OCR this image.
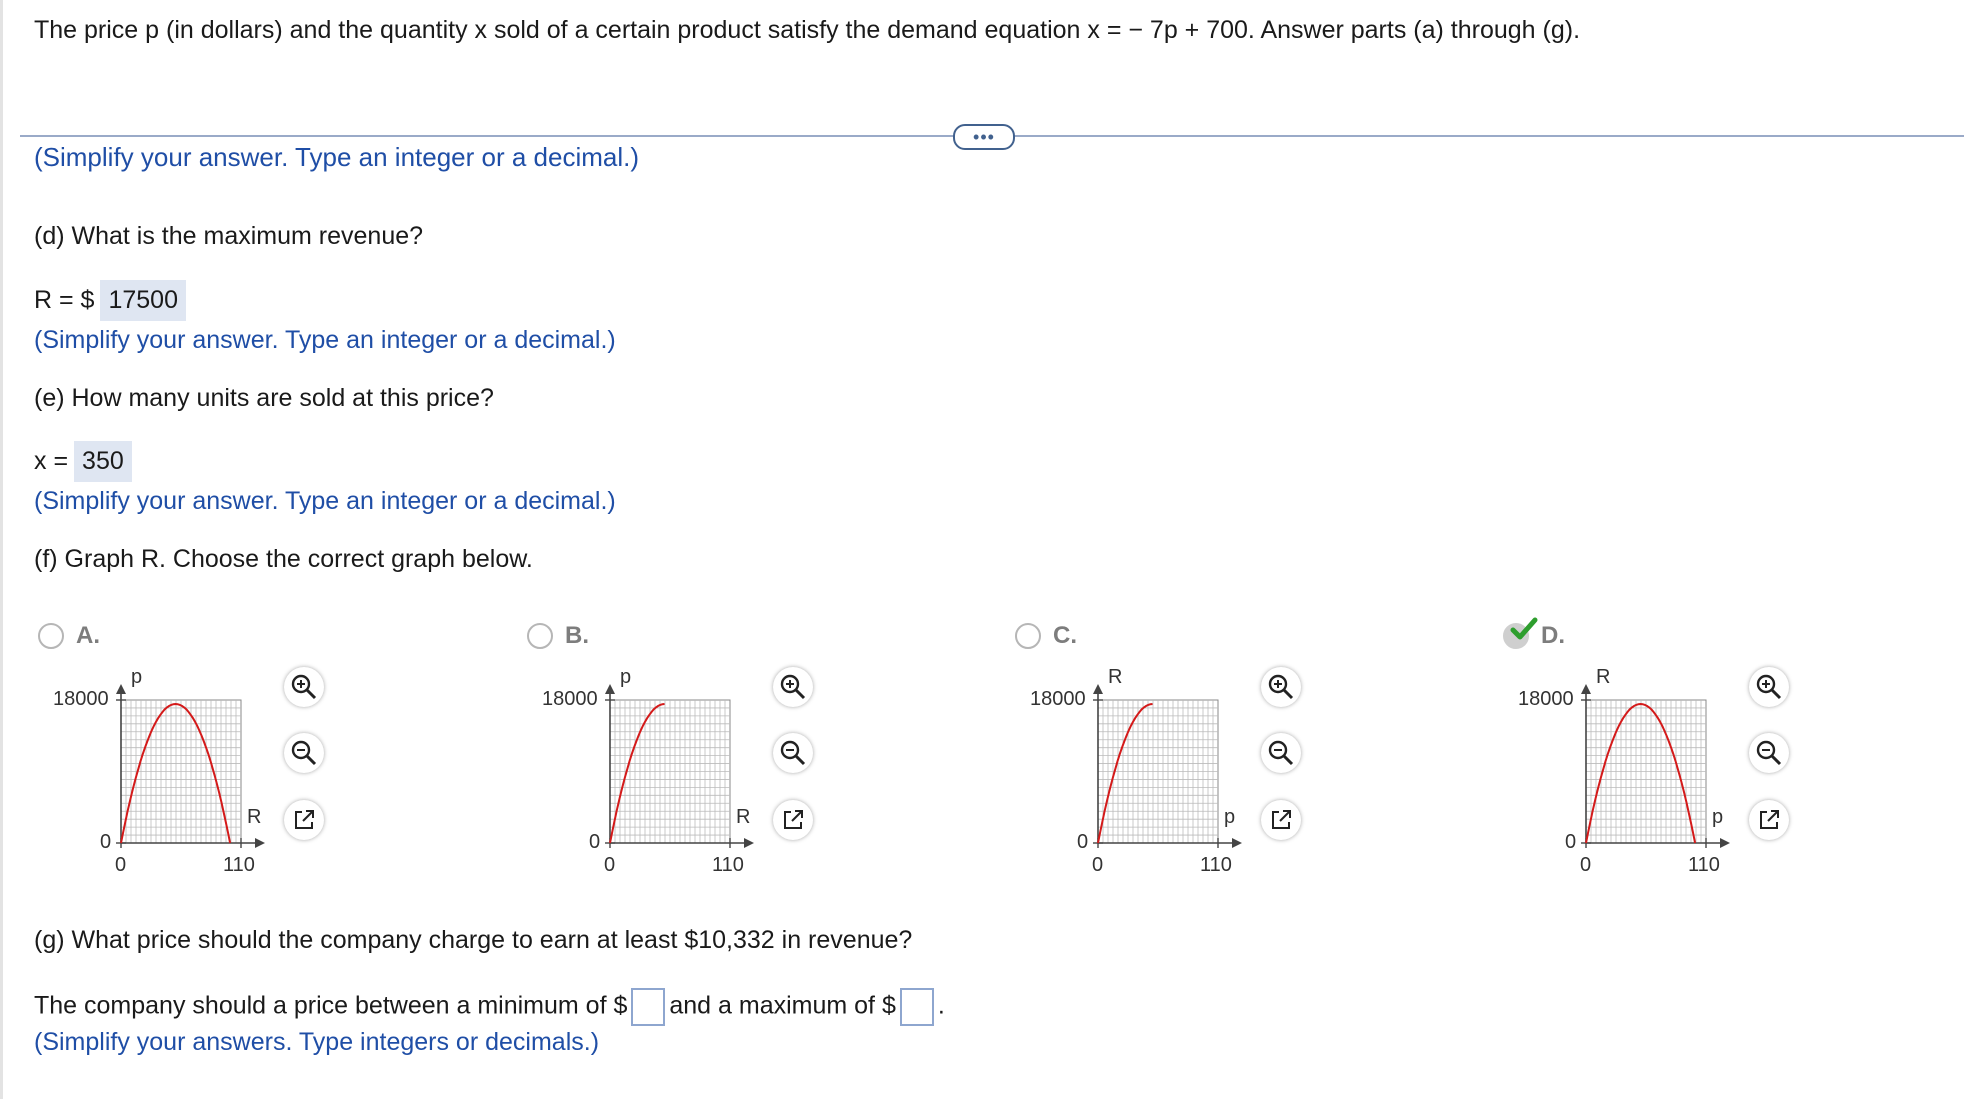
The price p (in dollars) and the quantity x sold of a certain product satisfy the demand equation x = − 7p + 700. Answer parts (a) through (g).
•••
(Simplify your answer. Type an integer or a decimal.)
(d) What is the maximum revenue?
R = $ 17500
(Simplify your answer. Type an integer or a decimal.)
(e) How many units are sold at this price?
x = 350
(Simplify your answer. Type an integer or a decimal.)
(f) Graph R. Choose the correct graph below.
A.
18000
0
0	110
p
R
B.
18000
0
0	110
p
R
C.
18000
0
0	110
R
p
D.
18000
0
0	110
R
p
(g) What price should the company charge to earn at least $10,332 in revenue?
The company should a price between a minimum of $ and a maximum of $ .
(Simplify your answers. Type integers or decimals.)
